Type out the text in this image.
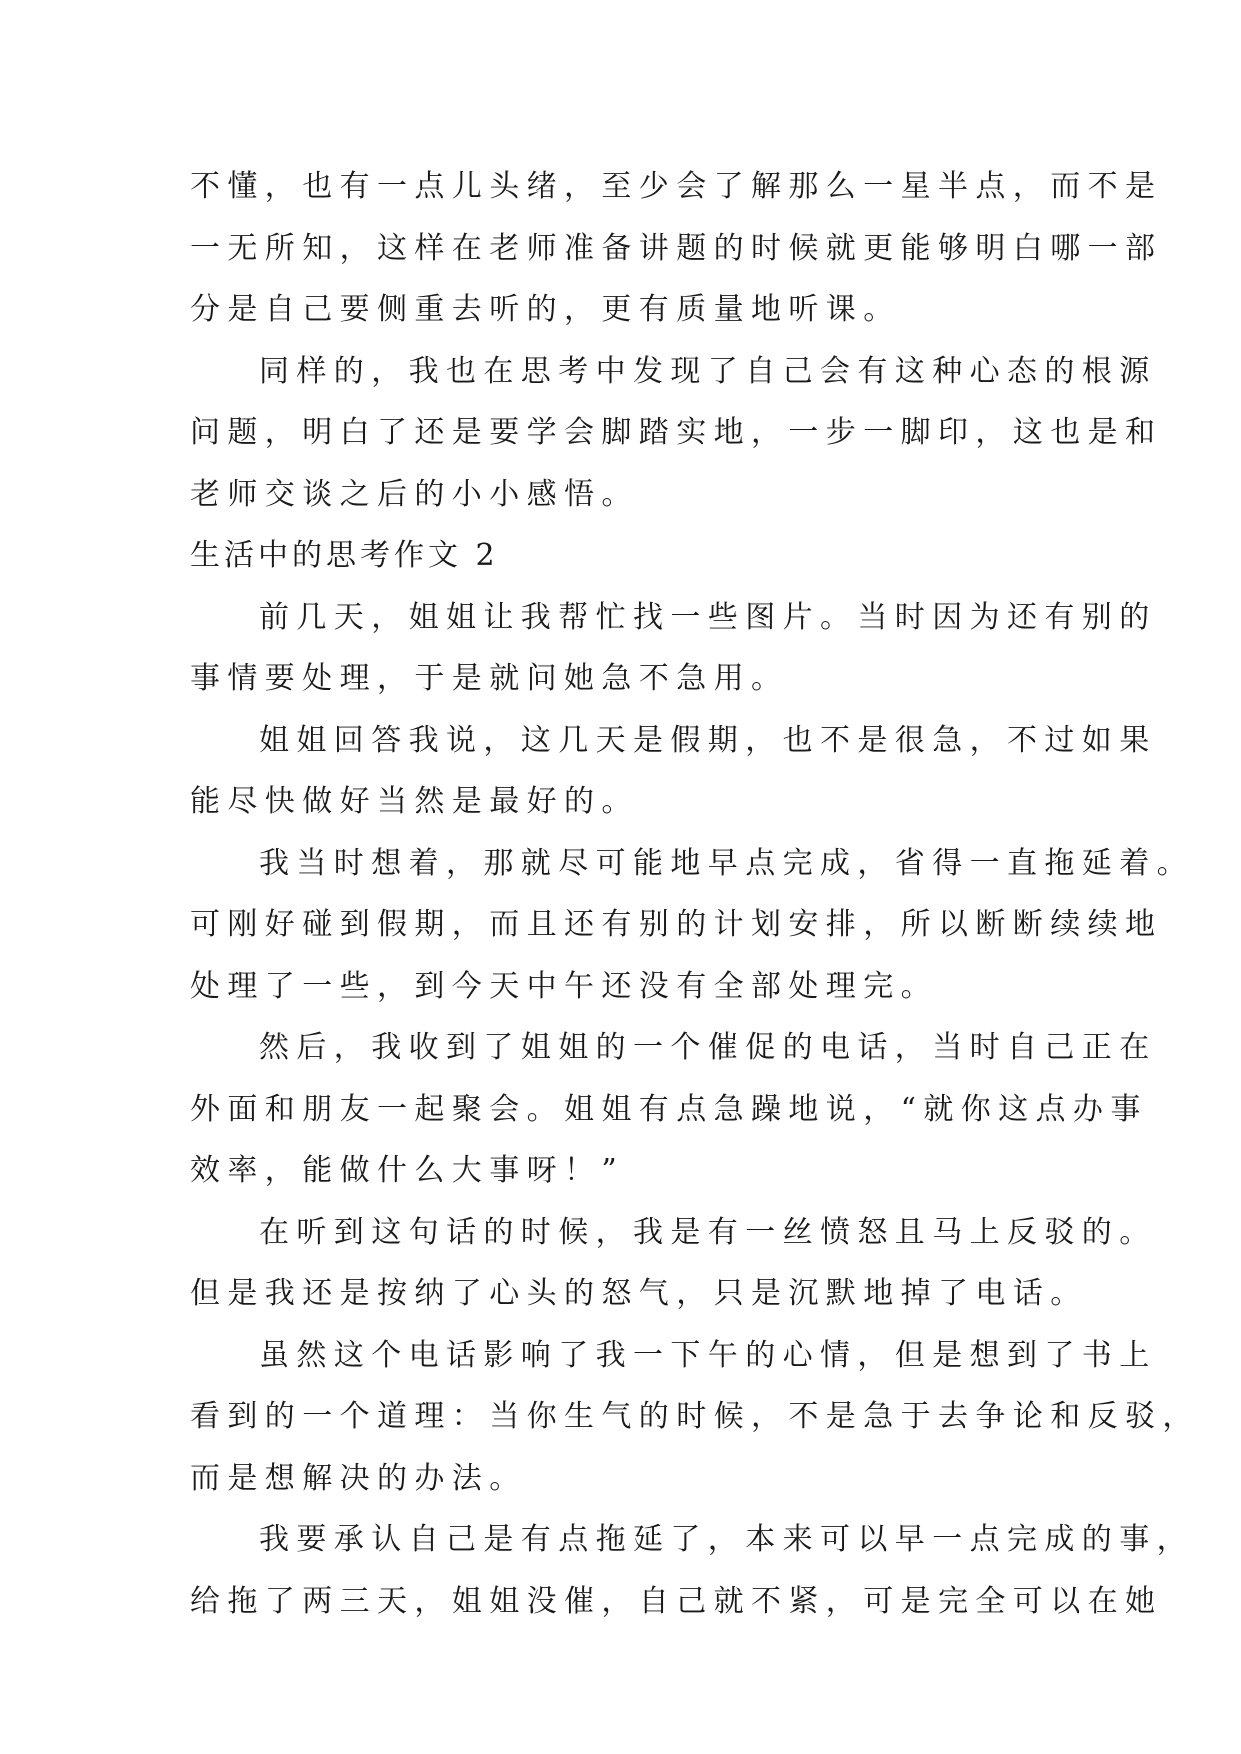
不懂，也有一点儿头绪，至少会了解那么一星半点，而不是
一无所知，这样在老师准备讲题的时候就更能够明白哪一部
分是自己要侧重去听的，更有质量地听课。
同样的，我也在思考中发现了自己会有这种心态的根源
问题，明白了还是要学会脚踏实地，一步一脚印，这也是和
老师交谈之后的小小感悟。
生活中的思考作文 2
前几天，姐姐让我帮忙找一些图片。当时因为还有别的
事情要处理，于是就问她急不急用。
姐姐回答我说，这几天是假期，也不是很急，不过如果
能尽快做好当然是最好的。
我当时想着，那就尽可能地早点完成，省得一直拖延着。
可刚好碰到假期，而且还有别的计划安排，所以断断续续地
处理了一些，到今天中午还没有全部处理完。
然后，我收到了姐姐的一个催促的电话，当时自己正在
外面和朋友一起聚会。姐姐有点急躁地说，“就你这点办事
效率，能做什么大事呀！”
在听到这句话的时候，我是有一丝愤怒且马上反驳的。
但是我还是按纳了心头的怒气，只是沉默地掉了电话。
虽然这个电话影响了我一下午的心情，但是想到了书上
看到的一个道理：当你生气的时候，不是急于去争论和反驳，
而是想解决的办法。
我要承认自己是有点拖延了，本来可以早一点完成的事，
给拖了两三天，姐姐没催，自己就不紧，可是完全可以在她
